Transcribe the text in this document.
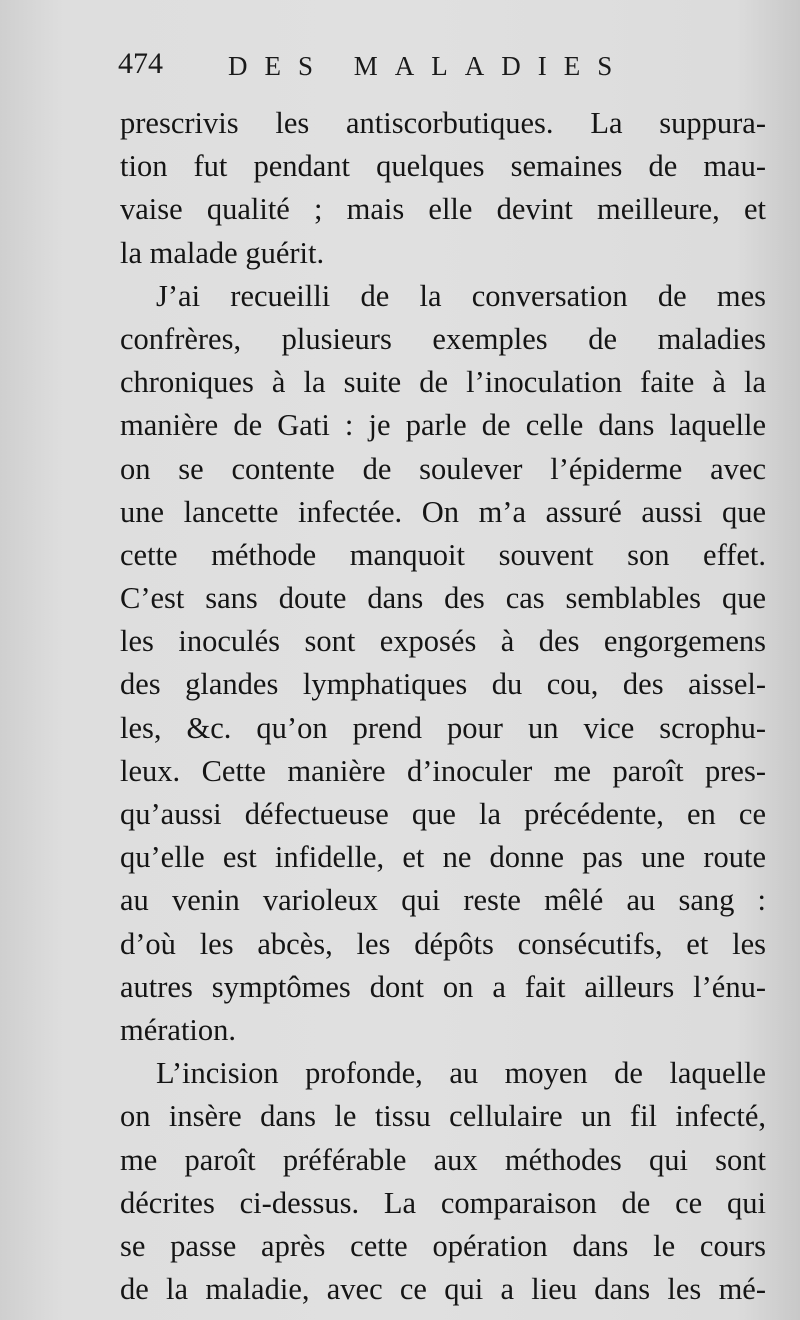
474 DES MALADIES
prescrivis les antiscorbutiques. La suppura-
tion fut pendant quelques semaines de mau-
vaise qualité ; mais elle devint meilleure, et
la malade guérit.
J’ai recueilli de la conversation de mes
confrères, plusieurs exemples de maladies
chroniques à la suite de l’inoculation faite à la
manière de Gati : je parle de celle dans laquelle
on se contente de soulever l’épiderme avec
une lancette infectée. On m’a assuré aussi que
cette méthode manquoit souvent son effet.
C’est sans doute dans des cas semblables que
les inoculés sont exposés à des engorgemens
des glandes lymphatiques du cou, des aissel-
les, &c. qu’on prend pour un vice scrophu-
leux. Cette manière d’inoculer me paroît pres-
qu’aussi défectueuse que la précédente, en ce
qu’elle est infidelle, et ne donne pas une route
au venin varioleux qui reste mêlé au sang :
d’où les abcès, les dépôts consécutifs, et les
autres symptômes dont on a fait ailleurs l’énu-
mération.
L’incision profonde, au moyen de laquelle
on insère dans le tissu cellulaire un fil infecté,
me paroît préférable aux méthodes qui sont
décrites ci-dessus. La comparaison de ce qui
se passe après cette opération dans le cours
de la maladie, avec ce qui a lieu dans les mé-
